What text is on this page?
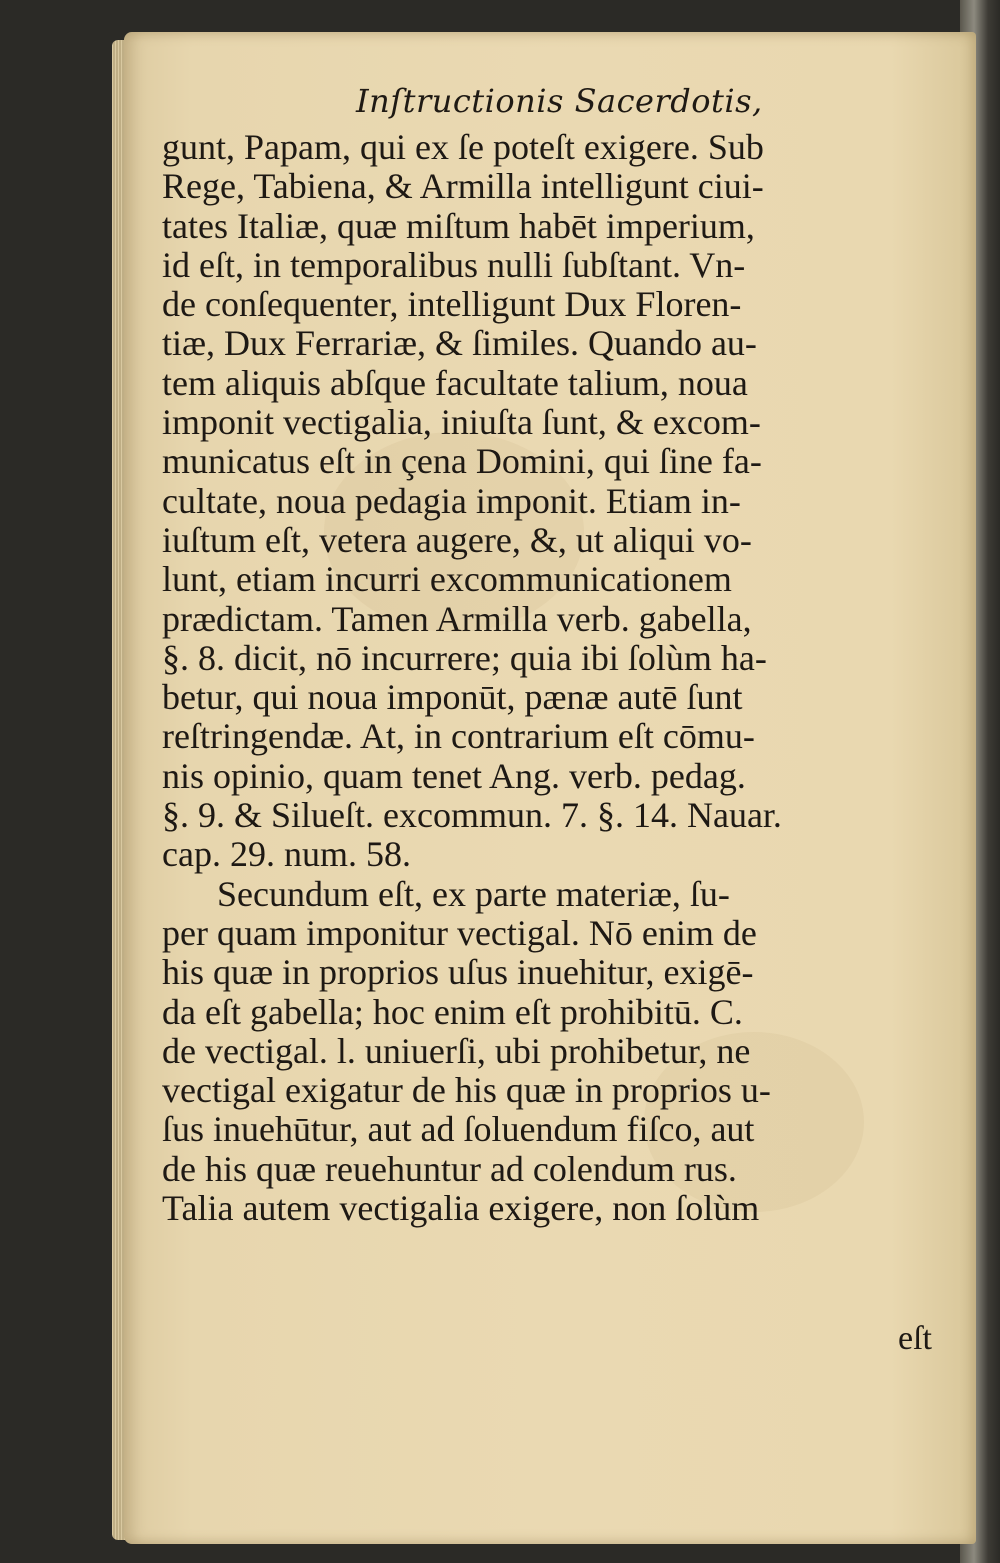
Inſtructionis Sacerdotis,
gunt, Papam, qui ex ſe poteſt exigere. Sub
Rege, Tabiena, & Armilla intelligunt ciui-
tates Italiæ, quæ miſtum habēt imperium,
id eſt, in temporalibus nulli ſubſtant. Vn-
de conſequenter, intelligunt Dux Floren-
tiæ, Dux Ferrariæ, & ſimiles. Quando au-
tem aliquis abſque facultate talium, noua
imponit vectigalia, iniuſta ſunt, & excom-
municatus eſt in çena Domini, qui ſine fa-
cultate, noua pedagia imponit. Etiam in-
iuſtum eſt, vetera augere, &, ut aliqui vo-
lunt, etiam incurri excommunicationem
prædictam. Tamen Armilla verb. gabella,
§. 8. dicit, nō incurrere; quia ibi ſolùm ha-
betur, qui noua imponūt, pænæ autē ſunt
reſtringendæ. At, in contrarium eſt cōmu-
nis opinio, quam tenet Ang. verb. pedag.
§. 9. & Silueſt. excommun. 7. §. 14. Nauar.
cap. 29. num. 58.
Secundum eſt, ex parte materiæ, ſu-
per quam imponitur vectigal. Nō enim de
his quæ in proprios uſus inuehitur, exigē-
da eſt gabella; hoc enim eſt prohibitū. C.
de vectigal. l. uniuerſi, ubi prohibetur, ne
vectigal exigatur de his quæ in proprios u-
ſus inuehūtur, aut ad ſoluendum fiſco, aut
de his quæ reuehuntur ad colendum rus.
Talia autem vectigalia exigere, non ſolùm
eſt
